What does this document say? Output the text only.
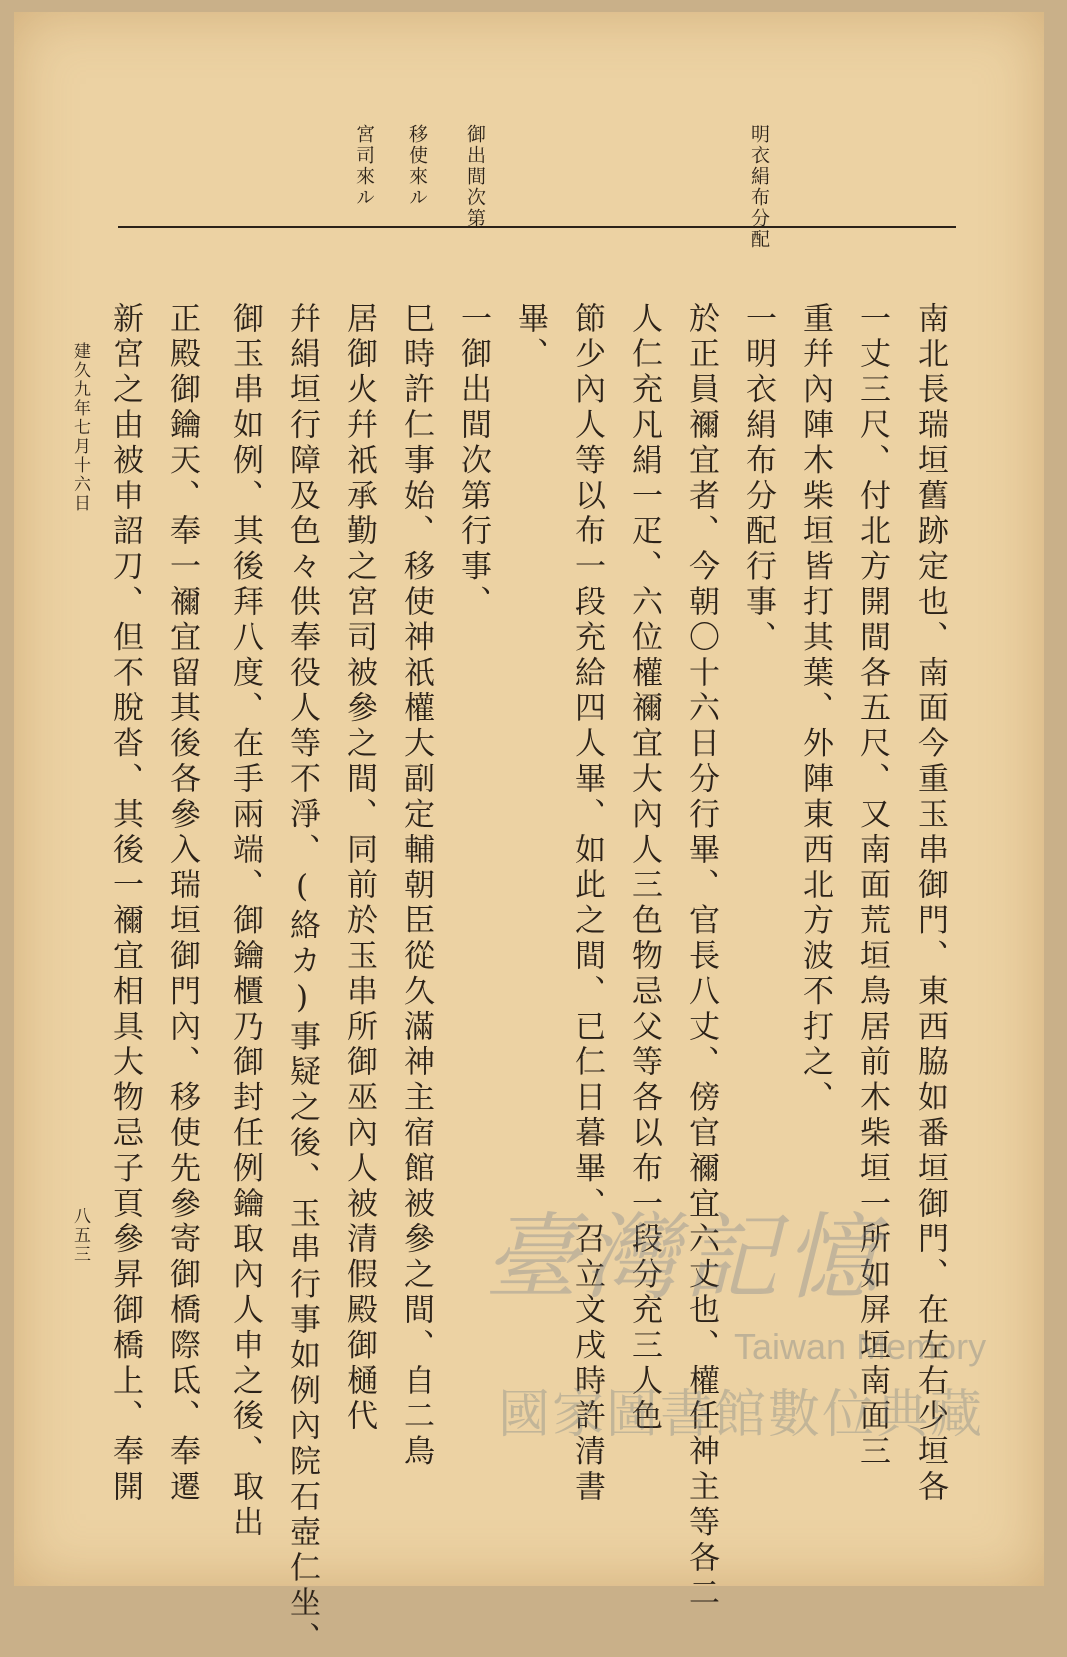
明衣絹布分配
御出間次第
移使來ル
宮司來ル
南北長瑞垣舊跡定也、南面今重玉串御門、東西脇如番垣御門、在左右少垣各
一丈三尺、付北方開間各五尺、又南面荒垣鳥居前木柴垣一所如屏垣南面三
重幷內陣木柴垣皆打其葉、外陣東西北方波不打之、
一明衣絹布分配行事、
於正員禰宜者、今朝〇十六日分行畢、官長八丈、傍官禰宜六丈也、權任神主等各二
人仁充凡絹一疋、六位權禰宜大內人三色物忌父等各以布一段分充三人色
節少內人等以布一段充給四人畢、如此之間、已仁日暮畢、召立文戌時許清書
畢、
一御出間次第行事、
巳時許仁事始、移使神祇權大副定輔朝臣從久滿神主宿館被參之間、自二鳥
居御火幷祇承勤之宮司被參之間、同前於玉串所御巫內人被清假殿御樋代
幷絹垣行障及色々供奉役人等不淨、(絡カ)事疑之後、玉串行事如例內院石壺仁坐、
御玉串如例、其後拜八度、在手兩端、御鑰櫃乃御封任例鑰取內人申之後、取出
正殿御鑰天、奉一禰宜留其後各參入瑞垣御門內、移使先參寄御橋際氐、奉遷
新宮之由被申詔刀、但不脫沓、其後一禰宜相具大物忌子頁參昇御橋上、奉開
建久九年七月十六日
八五三	臺灣記憶
Taiwan Memory
國家圖書館數位典藏
